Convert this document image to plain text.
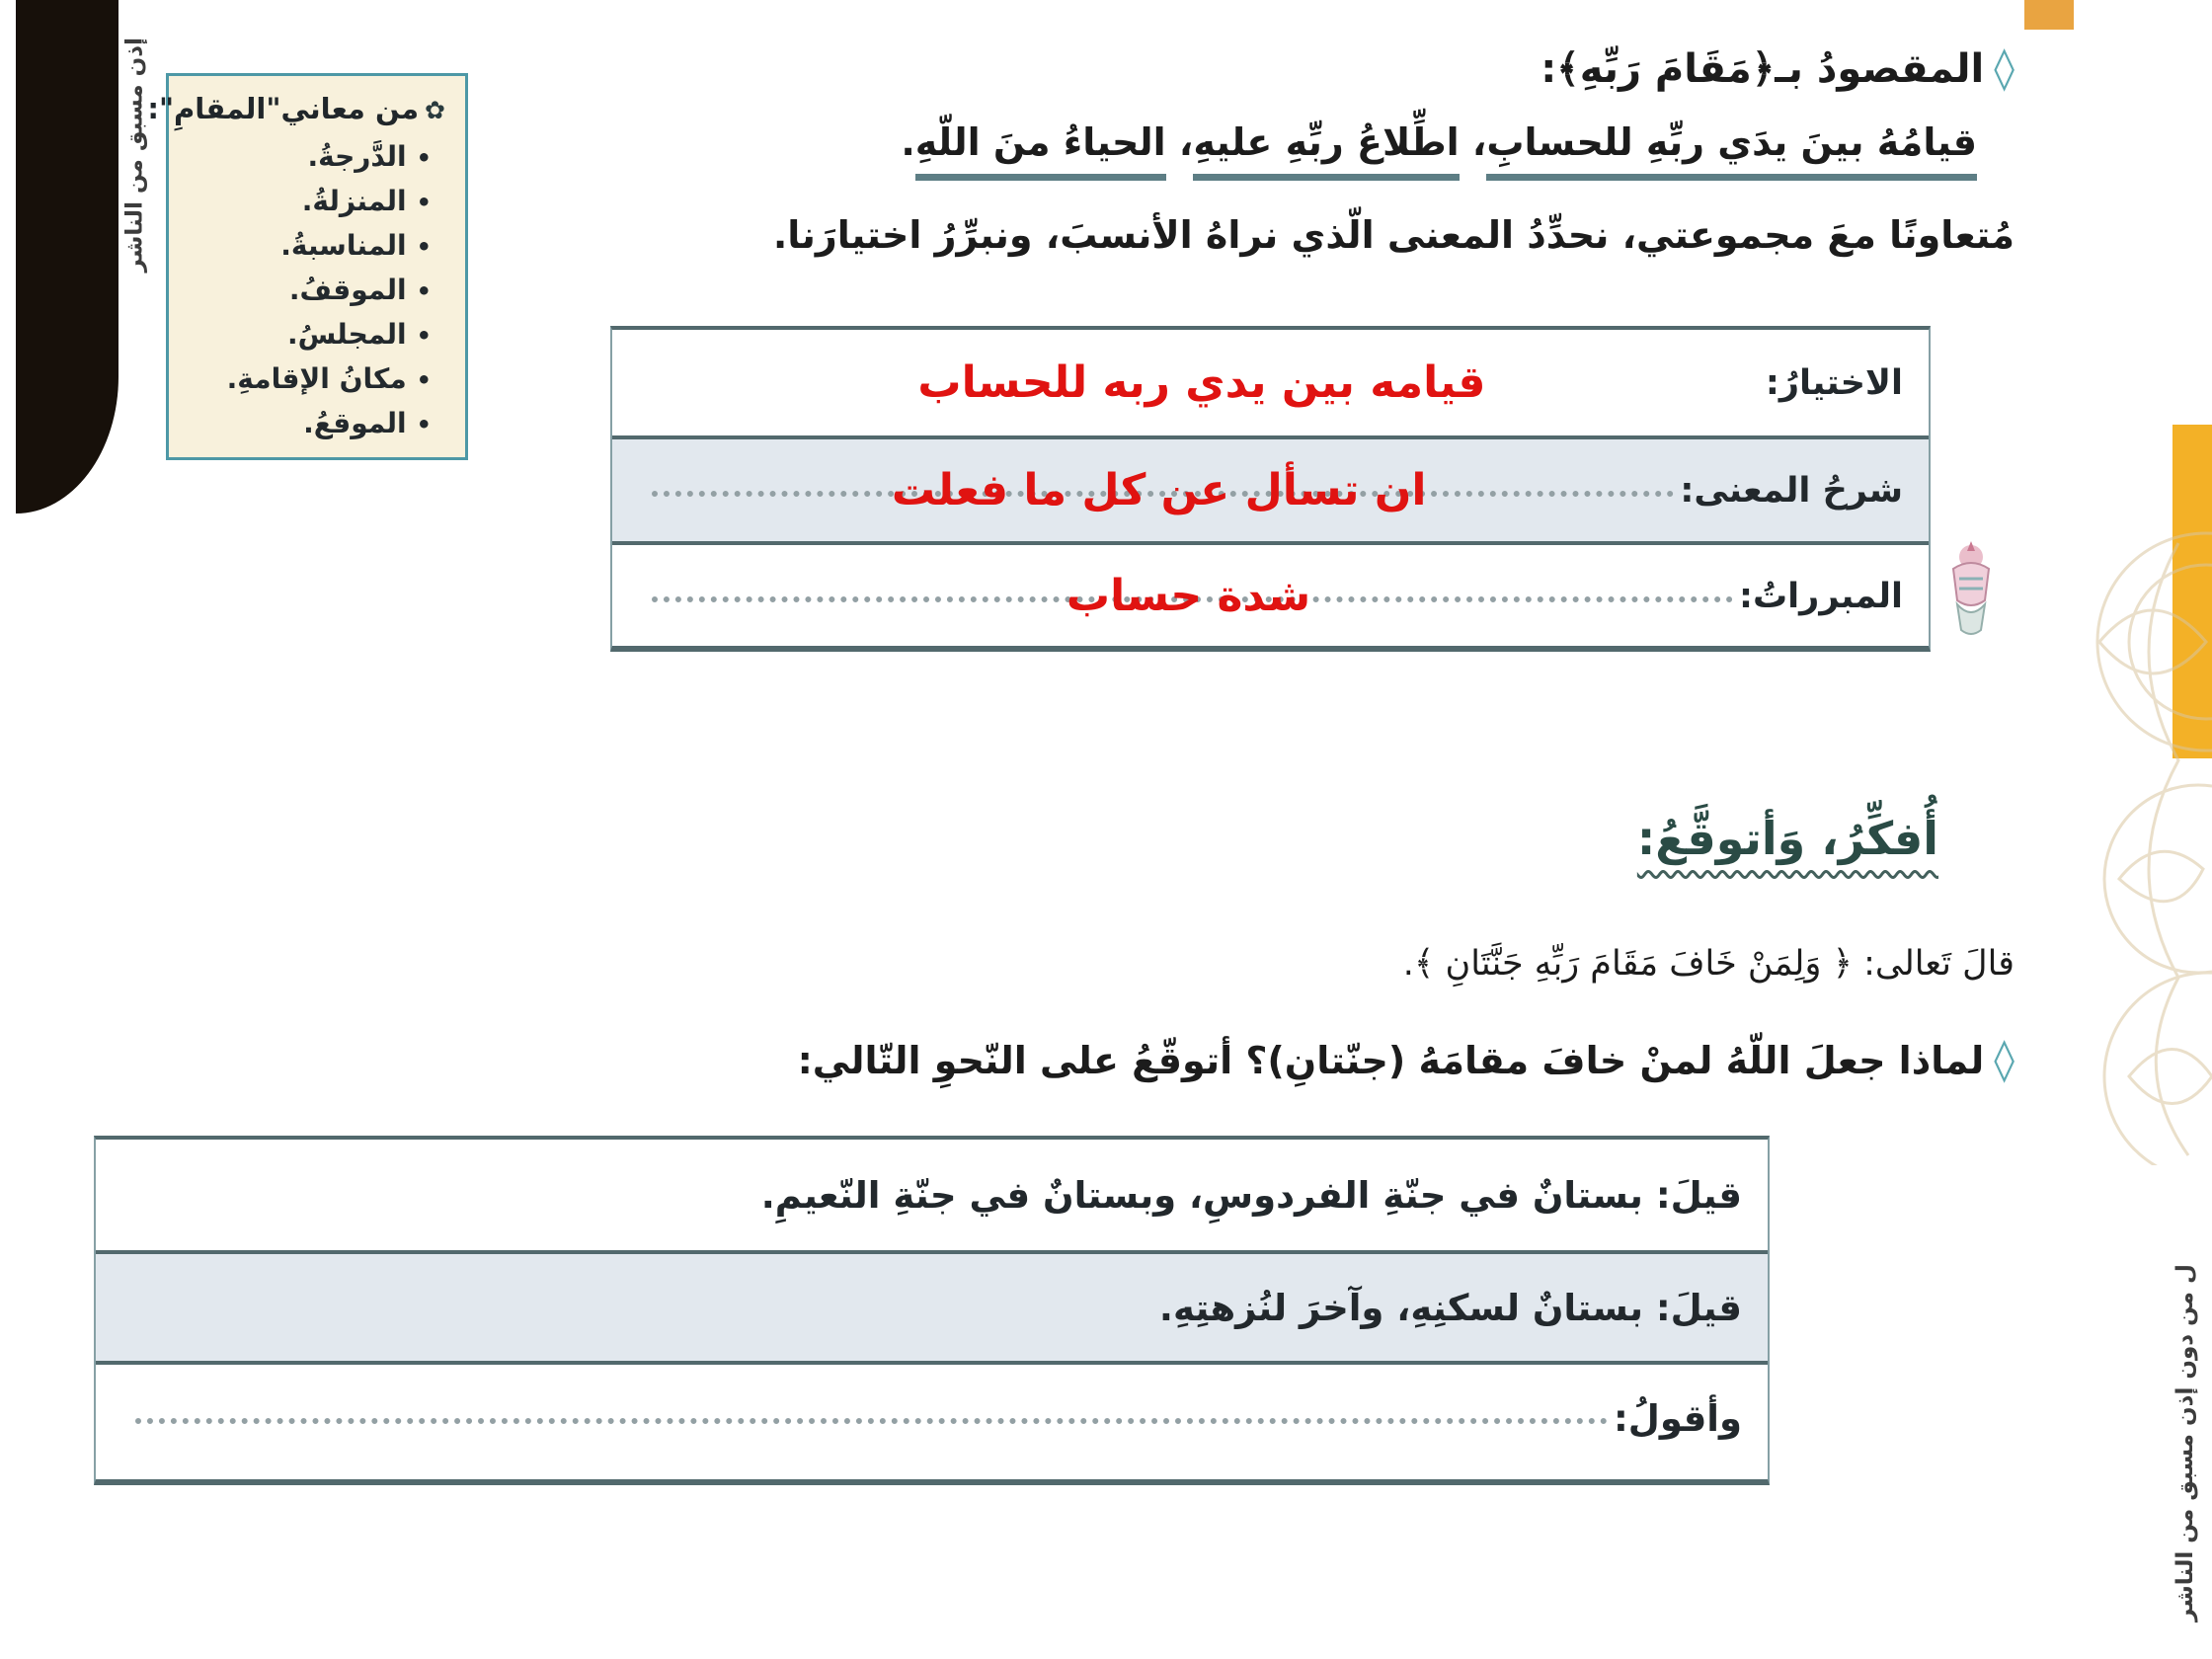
إذن مسبق من الناشر
ل من دون إذن مسبق من الناشر
✿من معاني"المقامِ":
•الدَّرجةُ.
•المنزلةُ.
•المناسبةُ.
•الموقفُ.
•المجلسُ.
•مكانُ الإقامةِ.
•الموقعُ.
◊المقصودُ بـ﴿مَقَامَ رَبِّهِ﴾:
قيامُهُ بينَ يدَي ربِّهِ للحسابِ، اطِّلاعُ ربِّهِ عليهِ، الحياءُ منَ اللّهِ.
مُتعاونًا معَ مجموعتي، نحدِّدُ المعنى الّذي نراهُ الأنسبَ، ونبرِّرُ اختيارَنا.
الاختيارُ:
قيامه بين يدي ربه للحساب
شرحُ المعنى:
ان تسأل عن كل ما فعلت
المبرراتُ:
شدة حساب
أُفكِّرُ، وَأتوقَّعُ:
قالَ تَعالى: ﴿ وَلِمَنْ خَافَ مَقَامَ رَبِّهِ جَنَّتَانِ ﴾.
◊لماذا جعلَ اللّهُ لمنْ خافَ مقامَهُ (جنّتانِ)؟ أتوقّعُ على النّحوِ التّالي:
قيلَ: بستانٌ في جنّةِ الفردوسِ، وبستانٌ في جنّةِ النّعيمِ.
قيلَ: بستانٌ لسكنِهِ، وآخرَ لنُزهتِهِ.
وأقولُ:
